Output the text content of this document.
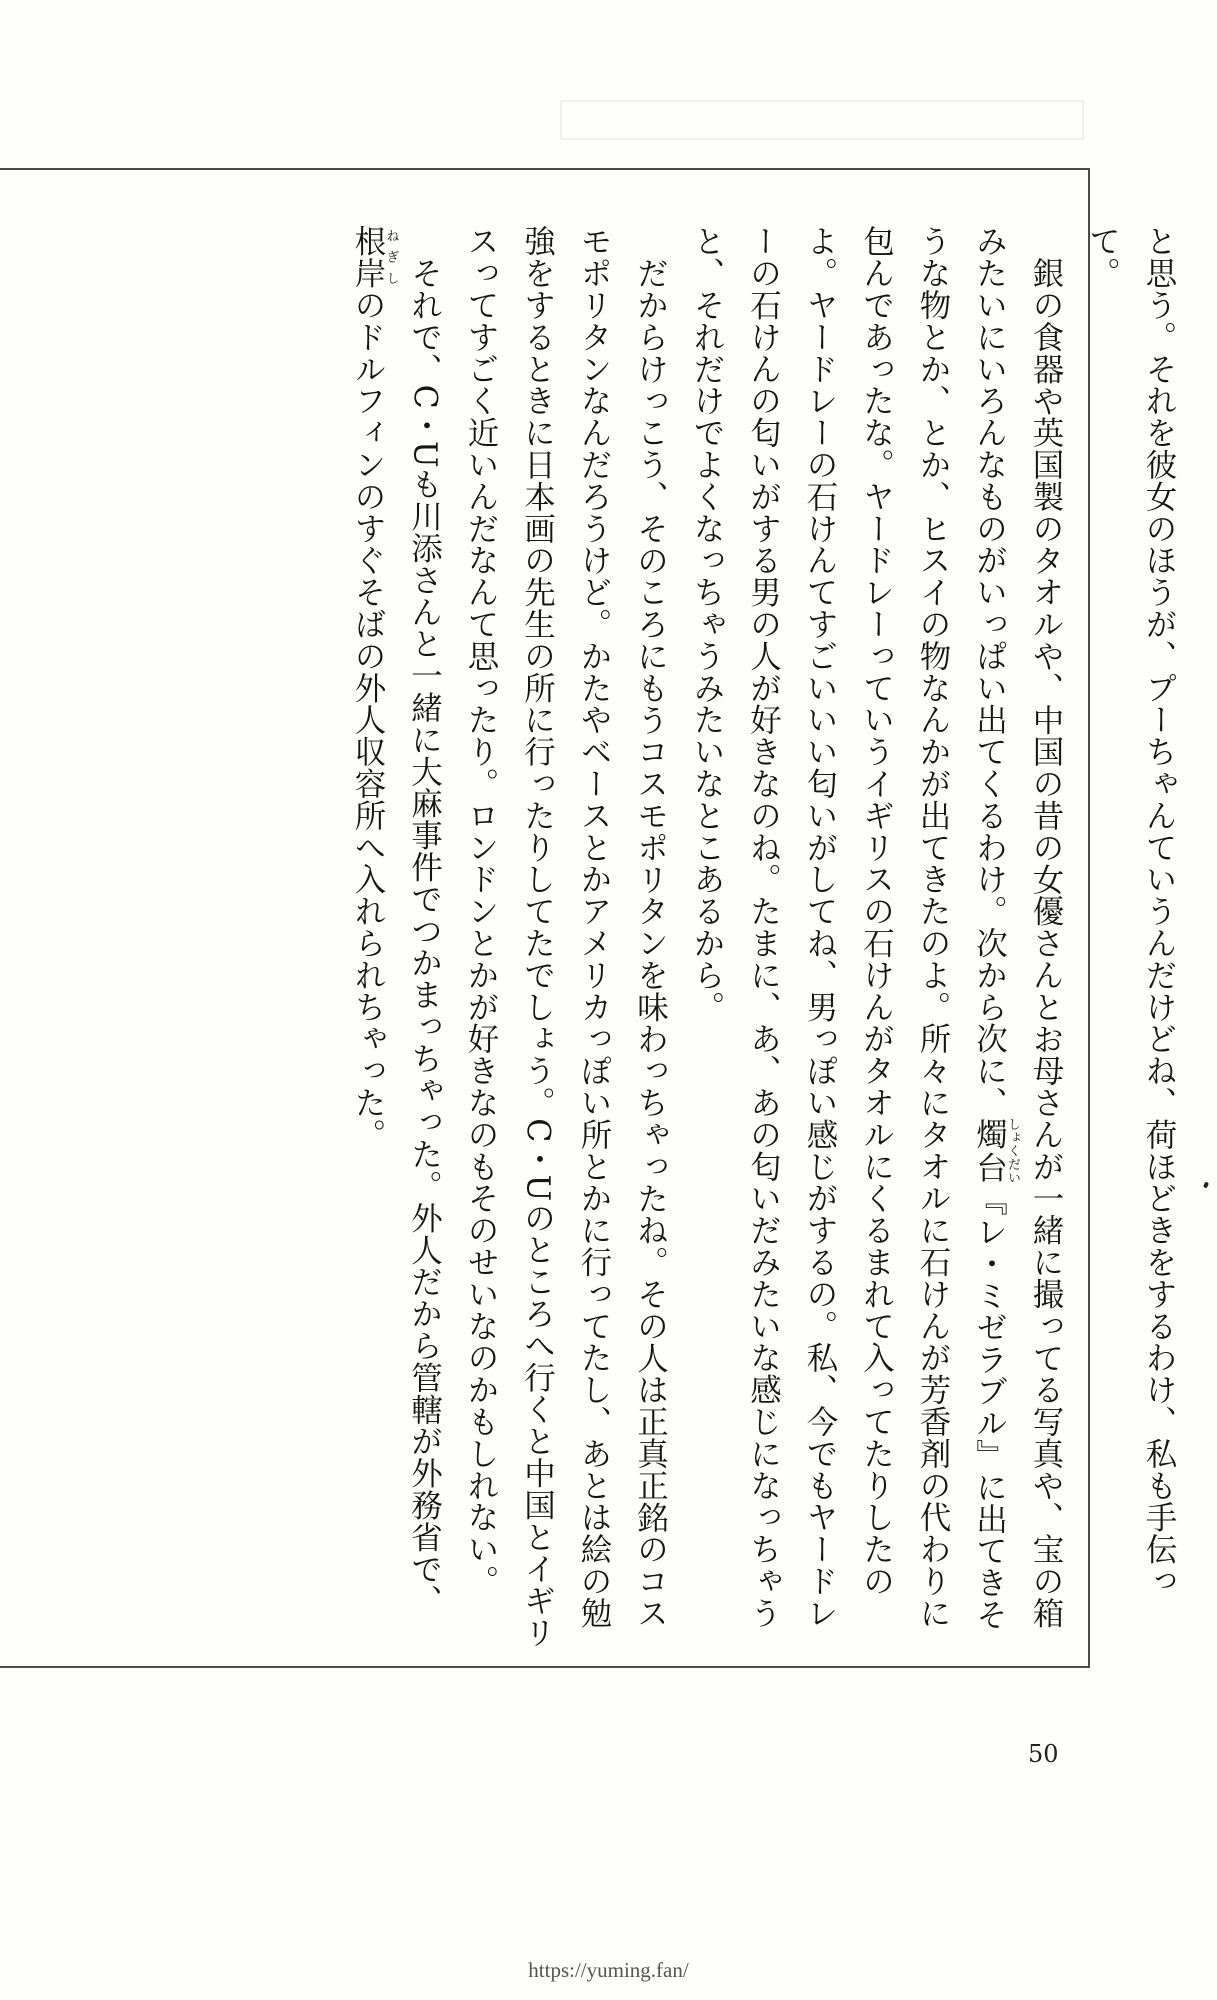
と思う。それを彼女のほうが、プーちゃんていうんだけどね、荷ほどきをするわけ、私も手伝って。

銀の食器や英国製のタオルや、中国の昔の女優さんとお母さんが一緒に撮ってる写真や、宝の箱みたいにいろんなものがいっぱい出てくるわけ。次から次に、燭台しょくだい『レ・ミゼラブル』に出てきそうな物とか、とか、ヒスイの物なんかが出てきたのよ。所々にタオルに石けんが芳香剤の代わりに包んであったな。ヤードレーっていうイギリスの石けんがタオルにくるまれて入ってたりしたのよ。ヤードレーの石けんてすごいいい匂いがしてね、男っぽい感じがするの。私、今でもヤードレーの石けんの匂いがする男の人が好きなのね。たまに、あ、あの匂いだみたいな感じになっちゃうと、それだけでよくなっちゃうみたいなとこあるから。

だからけっこう、そのころにもうコスモポリタンを味わっちゃったね。その人は正真正銘のコスモポリタンなんだろうけど。かたやベースとかアメリカっぽい所とかに行ってたし、あとは絵の勉強をするときに日本画の先生の所に行ったりしてたでしょう。C・Uのところへ行くと中国とイギリスってすごく近いんだなんて思ったり。ロンドンとかが好きなのもそのせいなのかもしれない。

それで、C・Uも川添さんと一緒に大麻事件でつかまっちゃった。外人だから管轄が外務省で、根岸ねぎしのドルフィンのすぐそばの外人収容所へ入れられちゃった。

50
https://yuming.fan/
